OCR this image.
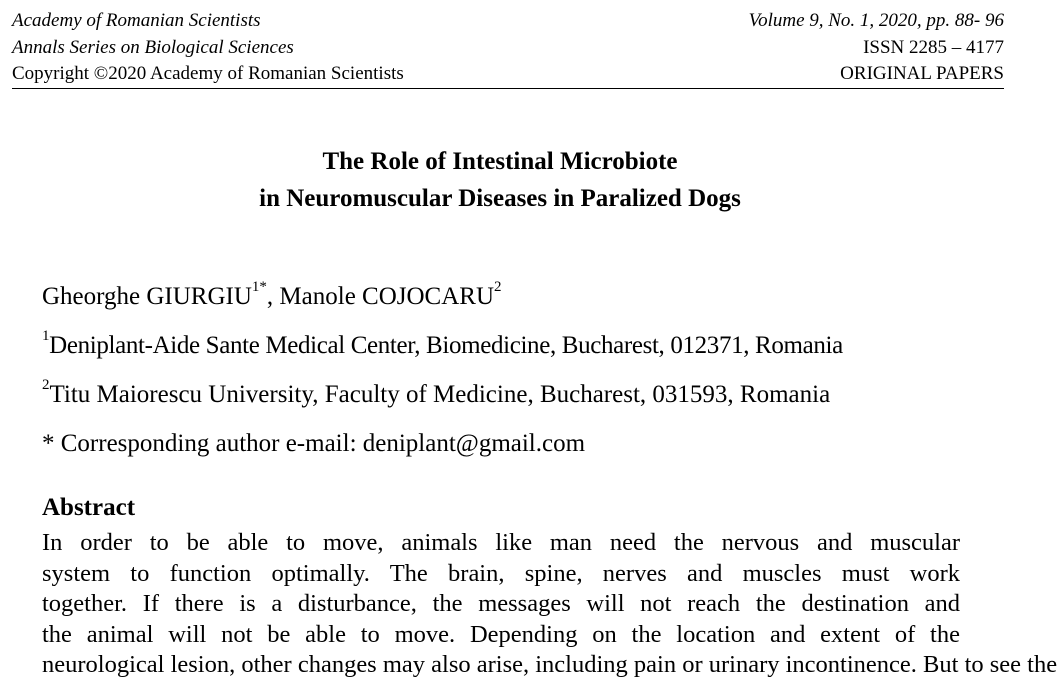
Academy of Romanian Scientists	Volume 9, No. 1, 2020, pp. 88- 96
Annals Series on Biological Sciences	ISSN 2285 – 4177
Copyright ©2020 Academy of Romanian Scientists	ORIGINAL PAPERS
The Role of Intestinal Microbiote
in Neuromuscular Diseases in Paralized Dogs
Gheorghe $GIURGIU^{1*}$, Manole COJOCARU$^2$
$^1$Deniplant-Aide Sante Medical Center, Biomedicine, Bucharest, 012371, Romania
$^2$Titu Maiorescu University, Faculty of Medicine, Bucharest, 031593, Romania
* Corresponding author e-mail: deniplant@gmail.com
Abstract
In order to be able to move, animals like man need the nervous and muscular
system to function optimally. The brain, spine, nerves and muscles must work
together. If there is a disturbance, the messages will not reach the destination and
the animal will not be able to move. Depending on the location and extent of the
neurological lesion, other changes may also arise, including pain or urinary incontinence. But to see the
